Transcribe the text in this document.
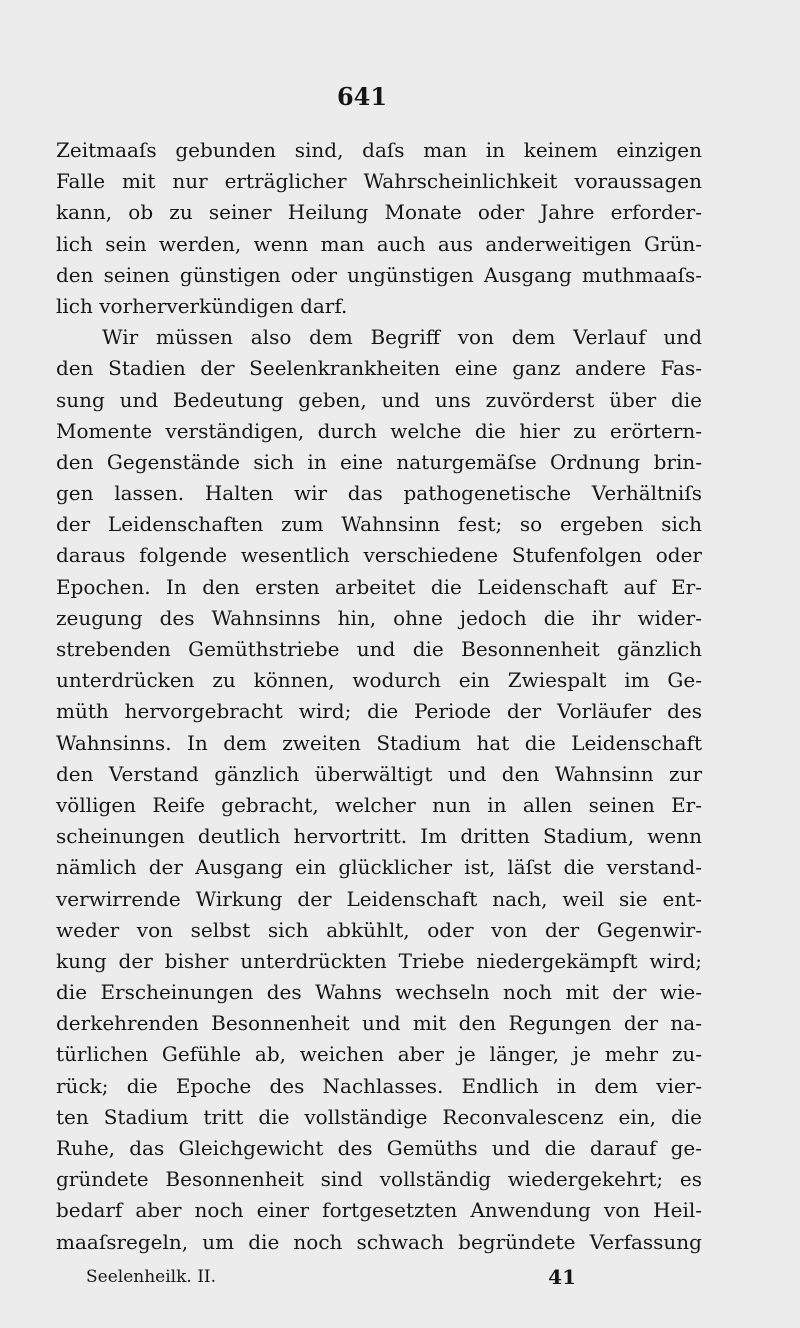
641
Zeitmaaſs gebunden sind, daſs man in keinem einzigen
Falle mit nur erträglicher Wahrscheinlichkeit voraussagen
kann, ob zu seiner Heilung Monate oder Jahre erforder-
lich sein werden, wenn man auch aus anderweitigen Grün-
den seinen günstigen oder ungünstigen Ausgang muthmaaſs-
lich vorherverkündigen darf.
Wir müssen also dem Begriff von dem Verlauf und
den Stadien der Seelenkrankheiten eine ganz andere Fas-
sung und Bedeutung geben, und uns zuvörderst über die
Momente verständigen, durch welche die hier zu erörtern-
den Gegenstände sich in eine naturgemäſse Ordnung brin-
gen lassen. Halten wir das pathogenetische Verhältniſs
der Leidenschaften zum Wahnsinn fest; so ergeben sich
daraus folgende wesentlich verschiedene Stufenfolgen oder
Epochen. In den ersten arbeitet die Leidenschaft auf Er-
zeugung des Wahnsinns hin, ohne jedoch die ihr wider-
strebenden Gemüthstriebe und die Besonnenheit gänzlich
unterdrücken zu können, wodurch ein Zwiespalt im Ge-
müth hervorgebracht wird; die Periode der Vorläufer des
Wahnsinns. In dem zweiten Stadium hat die Leidenschaft
den Verstand gänzlich überwältigt und den Wahnsinn zur
völligen Reife gebracht, welcher nun in allen seinen Er-
scheinungen deutlich hervortritt. Im dritten Stadium, wenn
nämlich der Ausgang ein glücklicher ist, läſst die verstand-
verwirrende Wirkung der Leidenschaft nach, weil sie ent-
weder von selbst sich abkühlt, oder von der Gegenwir-
kung der bisher unterdrückten Triebe niedergekämpft wird;
die Erscheinungen des Wahns wechseln noch mit der wie-
derkehrenden Besonnenheit und mit den Regungen der na-
türlichen Gefühle ab, weichen aber je länger, je mehr zu-
rück; die Epoche des Nachlasses. Endlich in dem vier-
ten Stadium tritt die vollständige Reconvalescenz ein, die
Ruhe, das Gleichgewicht des Gemüths und die darauf ge-
gründete Besonnenheit sind vollständig wiedergekehrt; es
bedarf aber noch einer fortgesetzten Anwendung von Heil-
maaſsregeln, um die noch schwach begründete Verfassung
Seelenheilk. II.	41
